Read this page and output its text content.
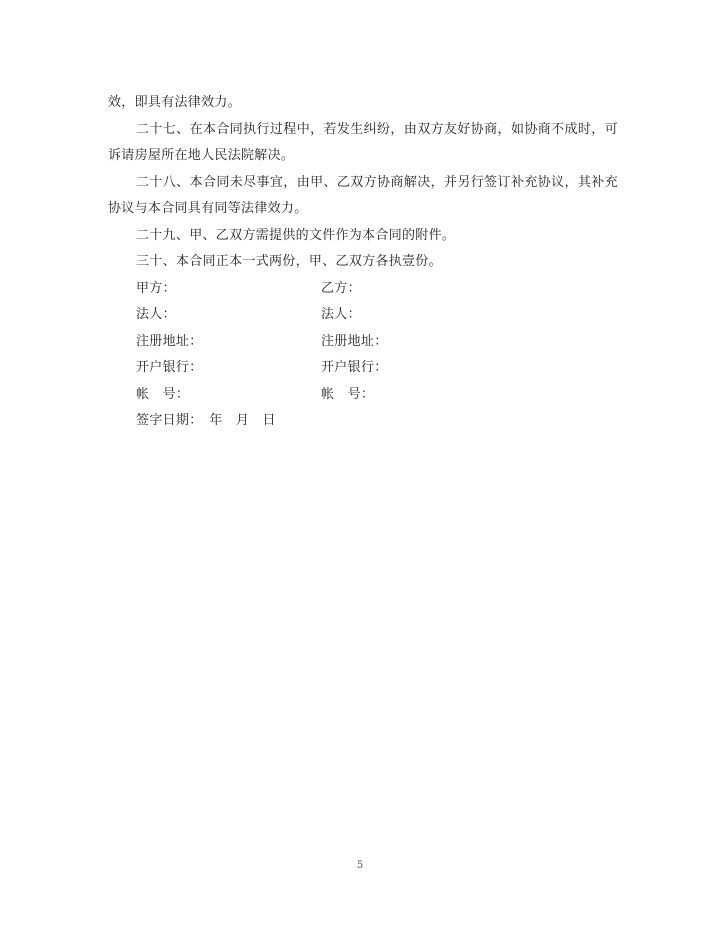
效，即具有法律效力。

二十七、在本合同执行过程中，若发生纠纷，由双方友好协商，如协商不成时，可诉请房屋所在地人民法院解决。

二十八、本合同未尽事宜，由甲、乙双方协商解决，并另行签订补充协议，其补充协议与本合同具有同等法律效力。

二十九、甲、乙双方需提供的文件作为本合同的附件。

三十、本合同正本一式两份，甲、乙双方各执壹份。

甲方：	乙方：
法人：	法人：
注册地址：	注册地址：
开户银行：	开户银行：
帐　号：	帐　号：
签字日期：　年　月　日
5
